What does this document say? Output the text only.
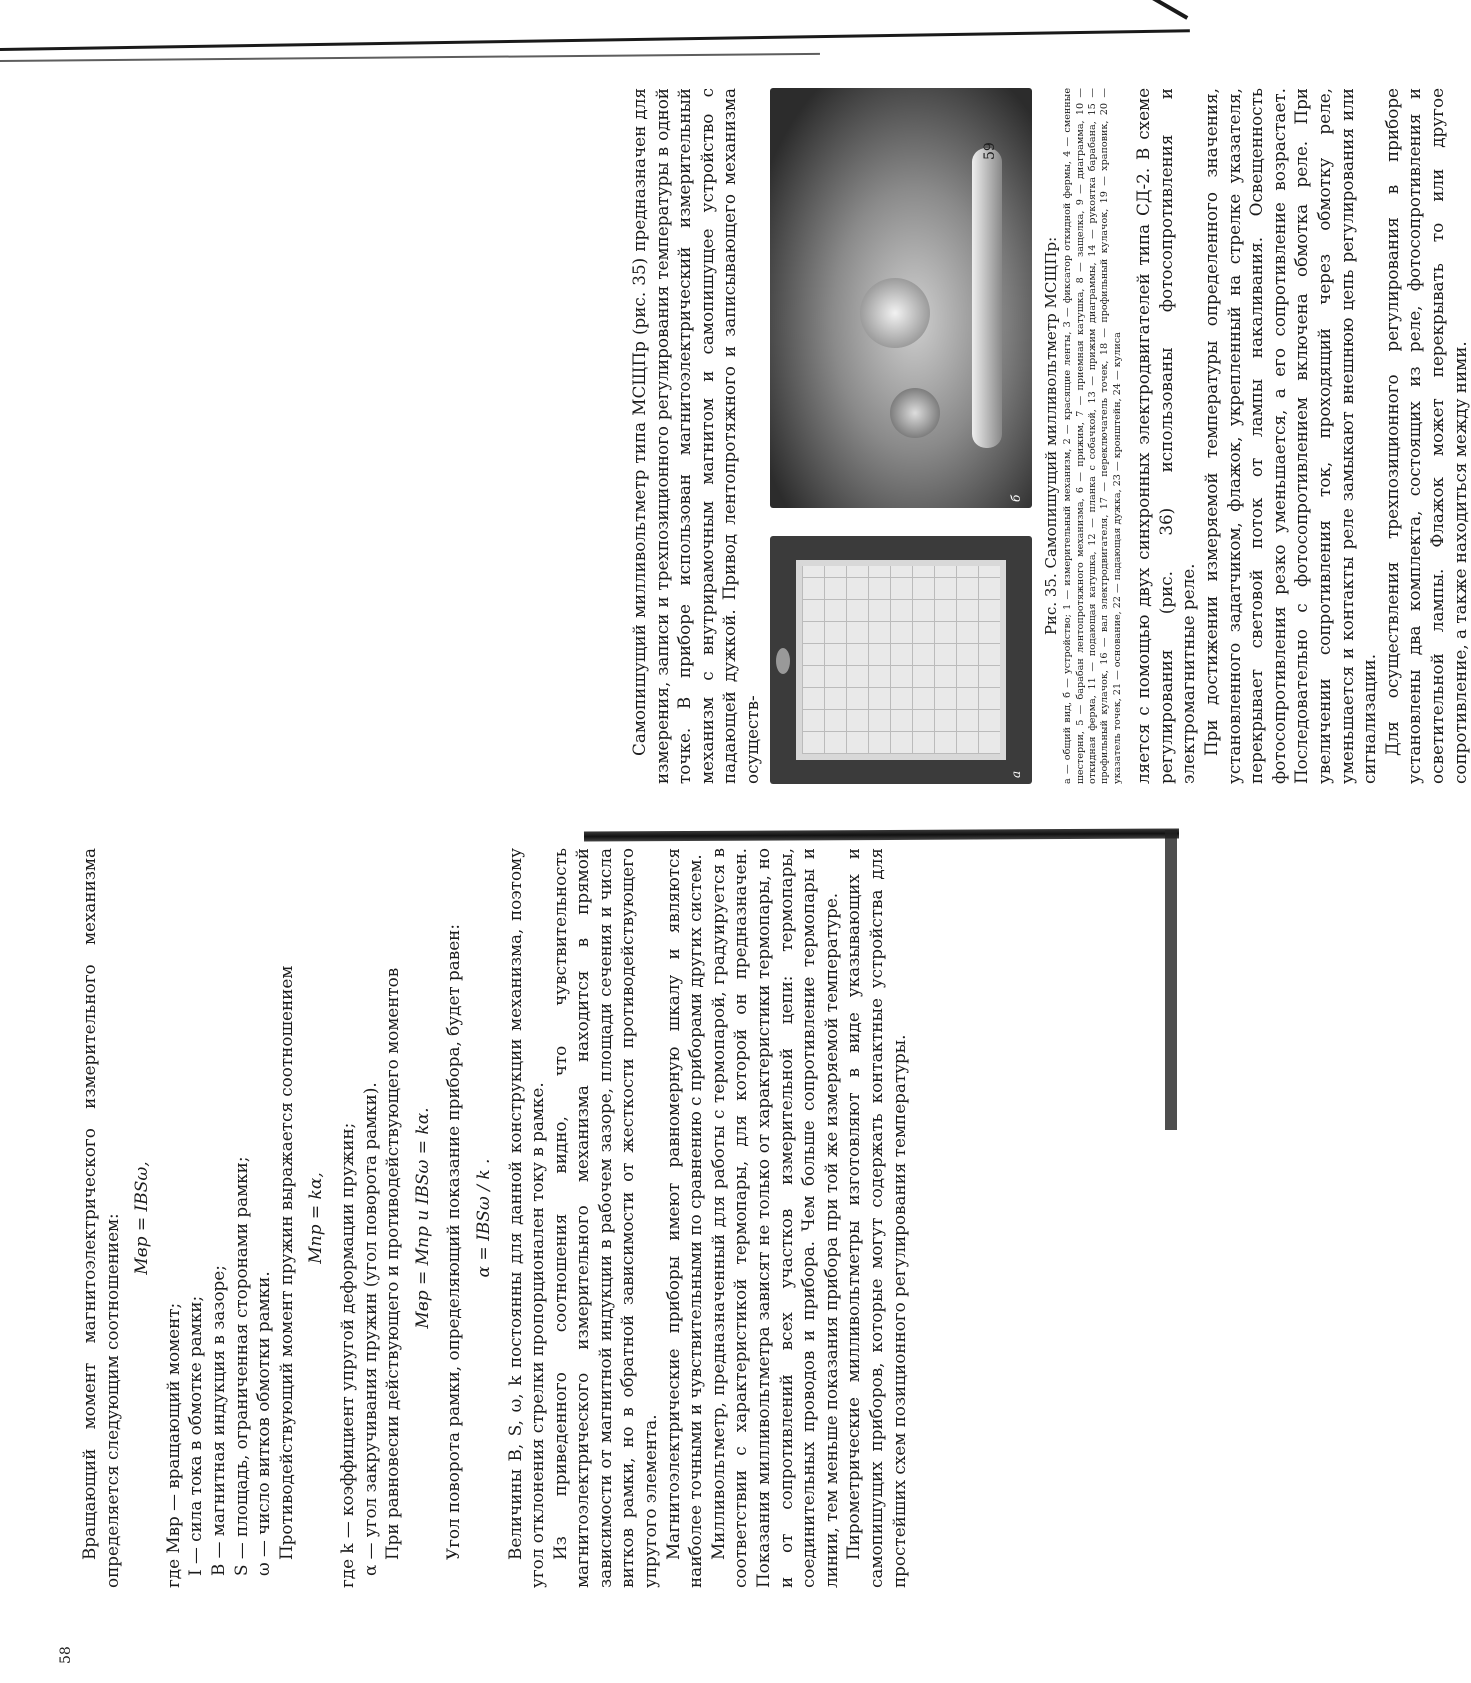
Вращающий момент магнитоэлектрического измерительного механизма определяется следующим соотношением: Mвр = IBSω,

где Mвр — вращающий момент; I — сила тока в обмотке рамки; B — магнитная индукция в зазоре; S — площадь, ограниченная сторонами рамки; ω — число витков обмотки рамки. Противодействующий момент пружин выражается соотношением Mпр = kα, где k — коэффициент упругой деформации пружин; α — угол закручивания пружин (угол поворота рамки). При равновесии действующего и противодействующего моментов Mвр = Mпр и IBSω = kα. Угол поворота рамки, определяющий показание прибора, будет равен: α = IBSω / k . Величины B, S, ω, k постоянны для данной конструкции механизма, поэтому угол отклонения стрелки пропорционален току в рамке. Из приведенного соотношения видно, что чувствительность магнитоэлектрического измерительного механизма находится в прямой зависимости от магнитной индукции в рабочем зазоре, площади сечения и числа витков рамки, но в обратной зависимости от жесткости противодействующего упругого элемента. Магнитоэлектрические приборы имеют равномерную шкалу и являются наиболее точными и чувствительными по сравнению с приборами других систем. Милливольтметр, предназначенный для работы с термопарой, градуируется в соответствии с характеристикой термопары, для которой он предназначен. Показания милливольтметра зависят не только от характеристики термопары, но и от сопротивлений всех участков измерительной цепи: термопары, соединительных проводов и прибора. Чем больше сопротивление термопары и линии, тем меньше показания прибора при той же измеряемой температуре. Пирометрические милливольтметры изготовляют в виде указывающих и самопишущих приборов, которые могут содержать контактные устройства для простейших схем позиционного регулирования температуры.

58

Самопишущий милливольтметр типа МСЩПр (рис. 35) предназначен для измерения, записи и трехпозиционного регулирования температуры в одной точке. В приборе использован магнитоэлектрический измерительный механизм с внутрирамочным магнитом и самопишущее устройство с падающей дужкой. Привод лентопротяжного и записывающего механизма осуществ-	а
б	Рис. 35. Самопишущий милливольтметр МСЩПр: а — общий вид, б — устройство; 1 — измерительный механизм, 2 — красящие ленты, 3 — фиксатор откидной фермы, 4 — сменные шестерни, 5 — барабан лентопротяжного механизма, 6 — прижим, 7 — приемная катушка, 8 — защелка, 9 — диаграмма, 10 — откидная ферма, 11 — подающая катушка, 12 — планка с собачкой, 13 — прижим диаграммы, 14 — рукоятка барабана, 15 — профильный кулачок, 16 — вал электродвигателя, 17 — переключатель точек, 18 — профильный кулачок, 19 — храповик, 20 — указатель точек, 21 — основание, 22 — падающая дужка, 23 — кронштейн, 24 — кулиса ляется с помощью двух синхронных электродвигателей типа СД-2. В схеме регулирования (рис. 36) использованы фотосопротивления и электромагнитные реле. При достижении измеряемой температуры определенного значения, установленного задатчиком, флажок, укрепленный на стрелке указателя, перекрывает световой поток от лампы накаливания. Освещенность фотосопротивления резко уменьшается, а его сопротивление возрастает. Последовательно с фотосопротивлением включена обмотка реле. При увеличении сопротивления ток, проходящий через обмотку реле, уменьшается и контакты реле замыкают внешнюю цепь регулирования или сигнализации. Для осуществления трехпозиционного регулирования в приборе установлены два комплекта, состоящих из реле, фотосопротивления и осветительной лампы. Флажок может перекрывать то или другое сопротивление, а также находиться между ними.

59
